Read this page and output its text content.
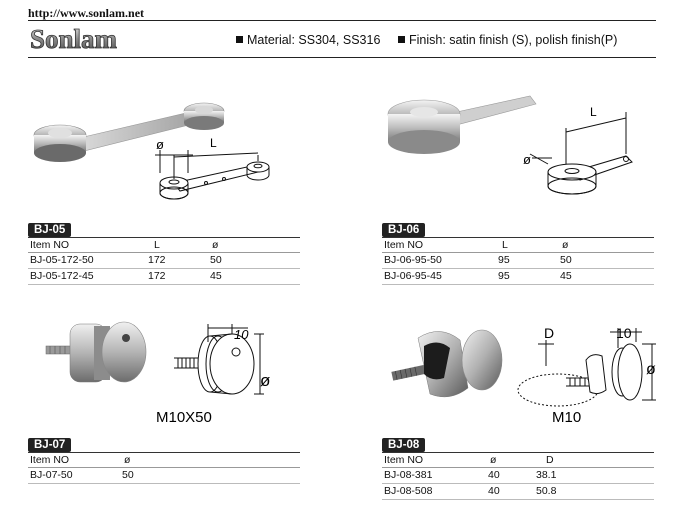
http://www.sonlam.net
Sonlam	Material: SS304, SS316	Finish: satin finish (S), polish finish(P)
ø	L
ø
L
10
ø
M10X50
D	10
ø
M10
BJ-05
Item NO	L	ø
BJ-05-172-50	172	50
BJ-05-172-45	172	45
BJ-06
Item NO	L	ø
BJ-06-95-50	95	50
BJ-06-95-45	95	45
BJ-07
Item NO	ø
BJ-07-50	50
BJ-08
Item NO	ø	D
BJ-08-381	40	38.1
BJ-08-508	40	50.8
